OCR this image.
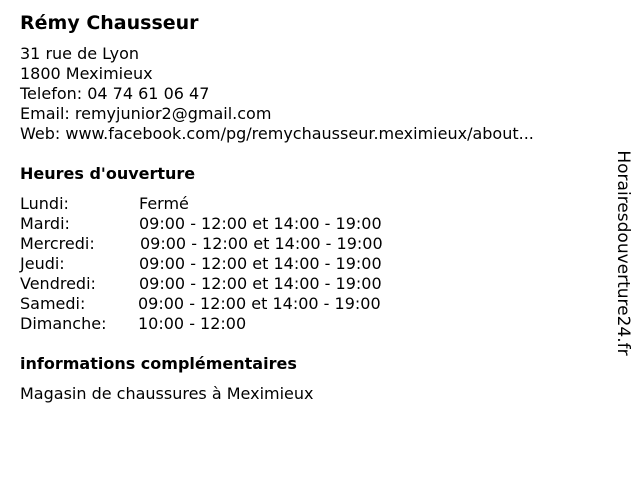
Rémy Chausseur
31 rue de Lyon
1800 Meximieux
Telefon: 04 74 61 06 47
Email: remyjunior2@gmail.com
Web: www.facebook.com/pg/remychausseur.meximieux/about...
Heures d'ouverture
Lundi:	Fermé
Mardi:	09:00 - 12:00 et 14:00 - 19:00
Mercredi:	09:00 - 12:00 et 14:00 - 19:00
Jeudi:	09:00 - 12:00 et 14:00 - 19:00
Vendredi:	09:00 - 12:00 et 14:00 - 19:00
Samedi:	09:00 - 12:00 et 14:00 - 19:00
Dimanche: 10:00 - 12:00
informations complémentaires
Magasin de chaussures à Meximieux
Horairesdouverture24.fr
